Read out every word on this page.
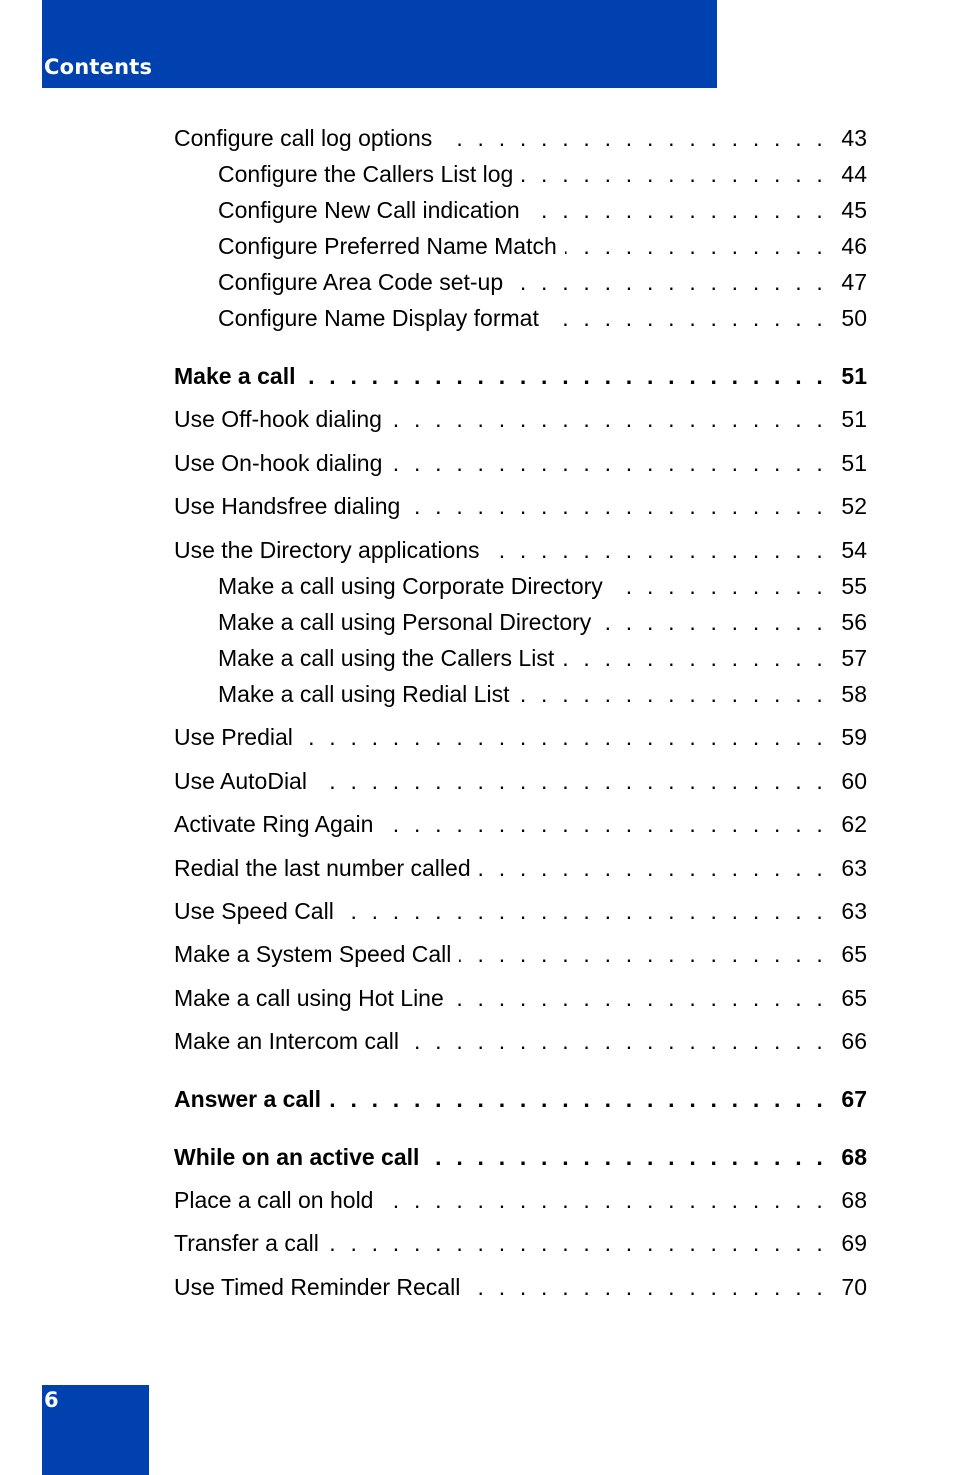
Contents
Configure call log options . . .	43
Configure the Callers List log . . .	44
Configure New Call indication . . .	45
Configure Preferred Name Match . . .	46
Configure Area Code set-up . . .	47
Configure Name Display format . . .	50
Make a call . . .	51
Use Off-hook dialing . . .	51
Use On-hook dialing . . .	51
Use Handsfree dialing . . .	52
Use the Directory applications . . .	54
Make a call using Corporate Directory . . .	55
Make a call using Personal Directory . . .	56
Make a call using the Callers List . . .	57
Make a call using Redial List . . .	58
Use Predial . . .	59
Use AutoDial . . .	60
Activate Ring Again . . .	62
Redial the last number called . . .	63
Use Speed Call . . .	63
Make a System Speed Call . . .	65
Make a call using Hot Line . . .	65
Make an Intercom call . . .	66
Answer a call . . .	67
While on an active call . . .	68
Place a call on hold . . .	68
Transfer a call . . .	69
Use Timed Reminder Recall . . .	70
6
